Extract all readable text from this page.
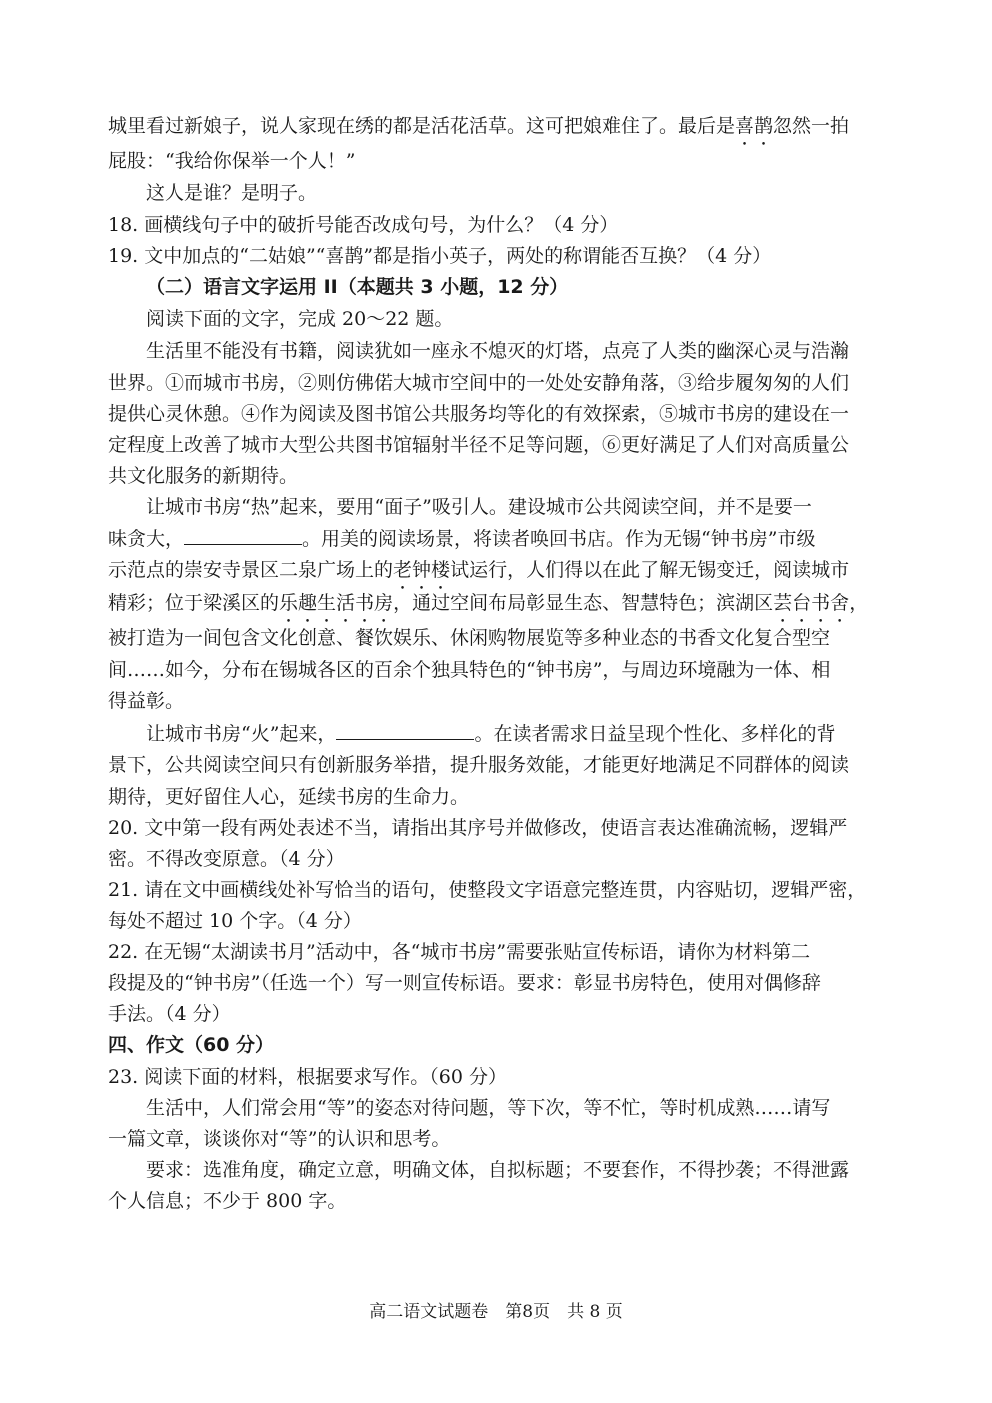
城里看过新娘子，说人家现在绣的都是活花活草。这可把娘难住了。最后是喜鹊忽然一拍
屁股：“我给你保举一个人！”
这人是谁？是明子。
18. 画横线句子中的破折号能否改成句号，为什么？（4 分）
19. 文中加点的“二姑娘”“喜鹊”都是指小英子，两处的称谓能否互换？（4 分）
（二）语言文字运用 II（本题共 3 小题，12 分）
阅读下面的文字，完成 20～22 题。
生活里不能没有书籍，阅读犹如一座永不熄灭的灯塔，点亮了人类的幽深心灵与浩瀚
世界。①而城市书房，②则仿佛偌大城市空间中的一处处安静角落，③给步履匆匆的人们
提供心灵休憩。④作为阅读及图书馆公共服务均等化的有效探索，⑤城市书房的建设在一
定程度上改善了城市大型公共图书馆辐射半径不足等问题，⑥更好满足了人们对高质量公
共文化服务的新期待。
让城市书房“热”起来，要用“面子”吸引人。建设城市公共阅读空间，并不是要一
味贪大，	。用美的阅读场景，将读者唤回书店。作为无锡“钟书房”市级
示范点的崇安寺景区二泉广场上的老钟楼试运行，人们得以在此了解无锡变迁，阅读城市
精彩；位于梁溪区的乐趣生活书房，通过空间布局彰显生态、智慧特色；滨湖区芸台书舍，
被打造为一间包含文化创意、餐饮娱乐、休闲购物展览等多种业态的书香文化复合型空
间……如今，分布在锡城各区的百余个独具特色的“钟书房”，与周边环境融为一体、相
得益彰。
让城市书房“火”起来，	。在读者需求日益呈现个性化、多样化的背
景下，公共阅读空间只有创新服务举措，提升服务效能，才能更好地满足不同群体的阅读
期待，更好留住人心，延续书房的生命力。
20. 文中第一段有两处表述不当，请指出其序号并做修改，使语言表达准确流畅，逻辑严
密。不得改变原意。（4 分）
21. 请在文中画横线处补写恰当的语句，使整段文字语意完整连贯，内容贴切，逻辑严密，
每处不超过 10 个字。（4 分）
22. 在无锡“太湖读书月”活动中，各“城市书房”需要张贴宣传标语，请你为材料第二
段提及的“钟书房”（任选一个）写一则宣传标语。要求：彰显书房特色，使用对偶修辞
手法。（4 分）
四、作文（60 分）
23. 阅读下面的材料，根据要求写作。（60 分）
生活中，人们常会用“等”的姿态对待问题，等下次，等不忙，等时机成熟……请写
一篇文章，谈谈你对“等”的认识和思考。
要求：选准角度，确定立意，明确文体，自拟标题；不要套作，不得抄袭；不得泄露
个人信息；不少于 800 字。
高二语文试题卷　第8页　共 8 页
